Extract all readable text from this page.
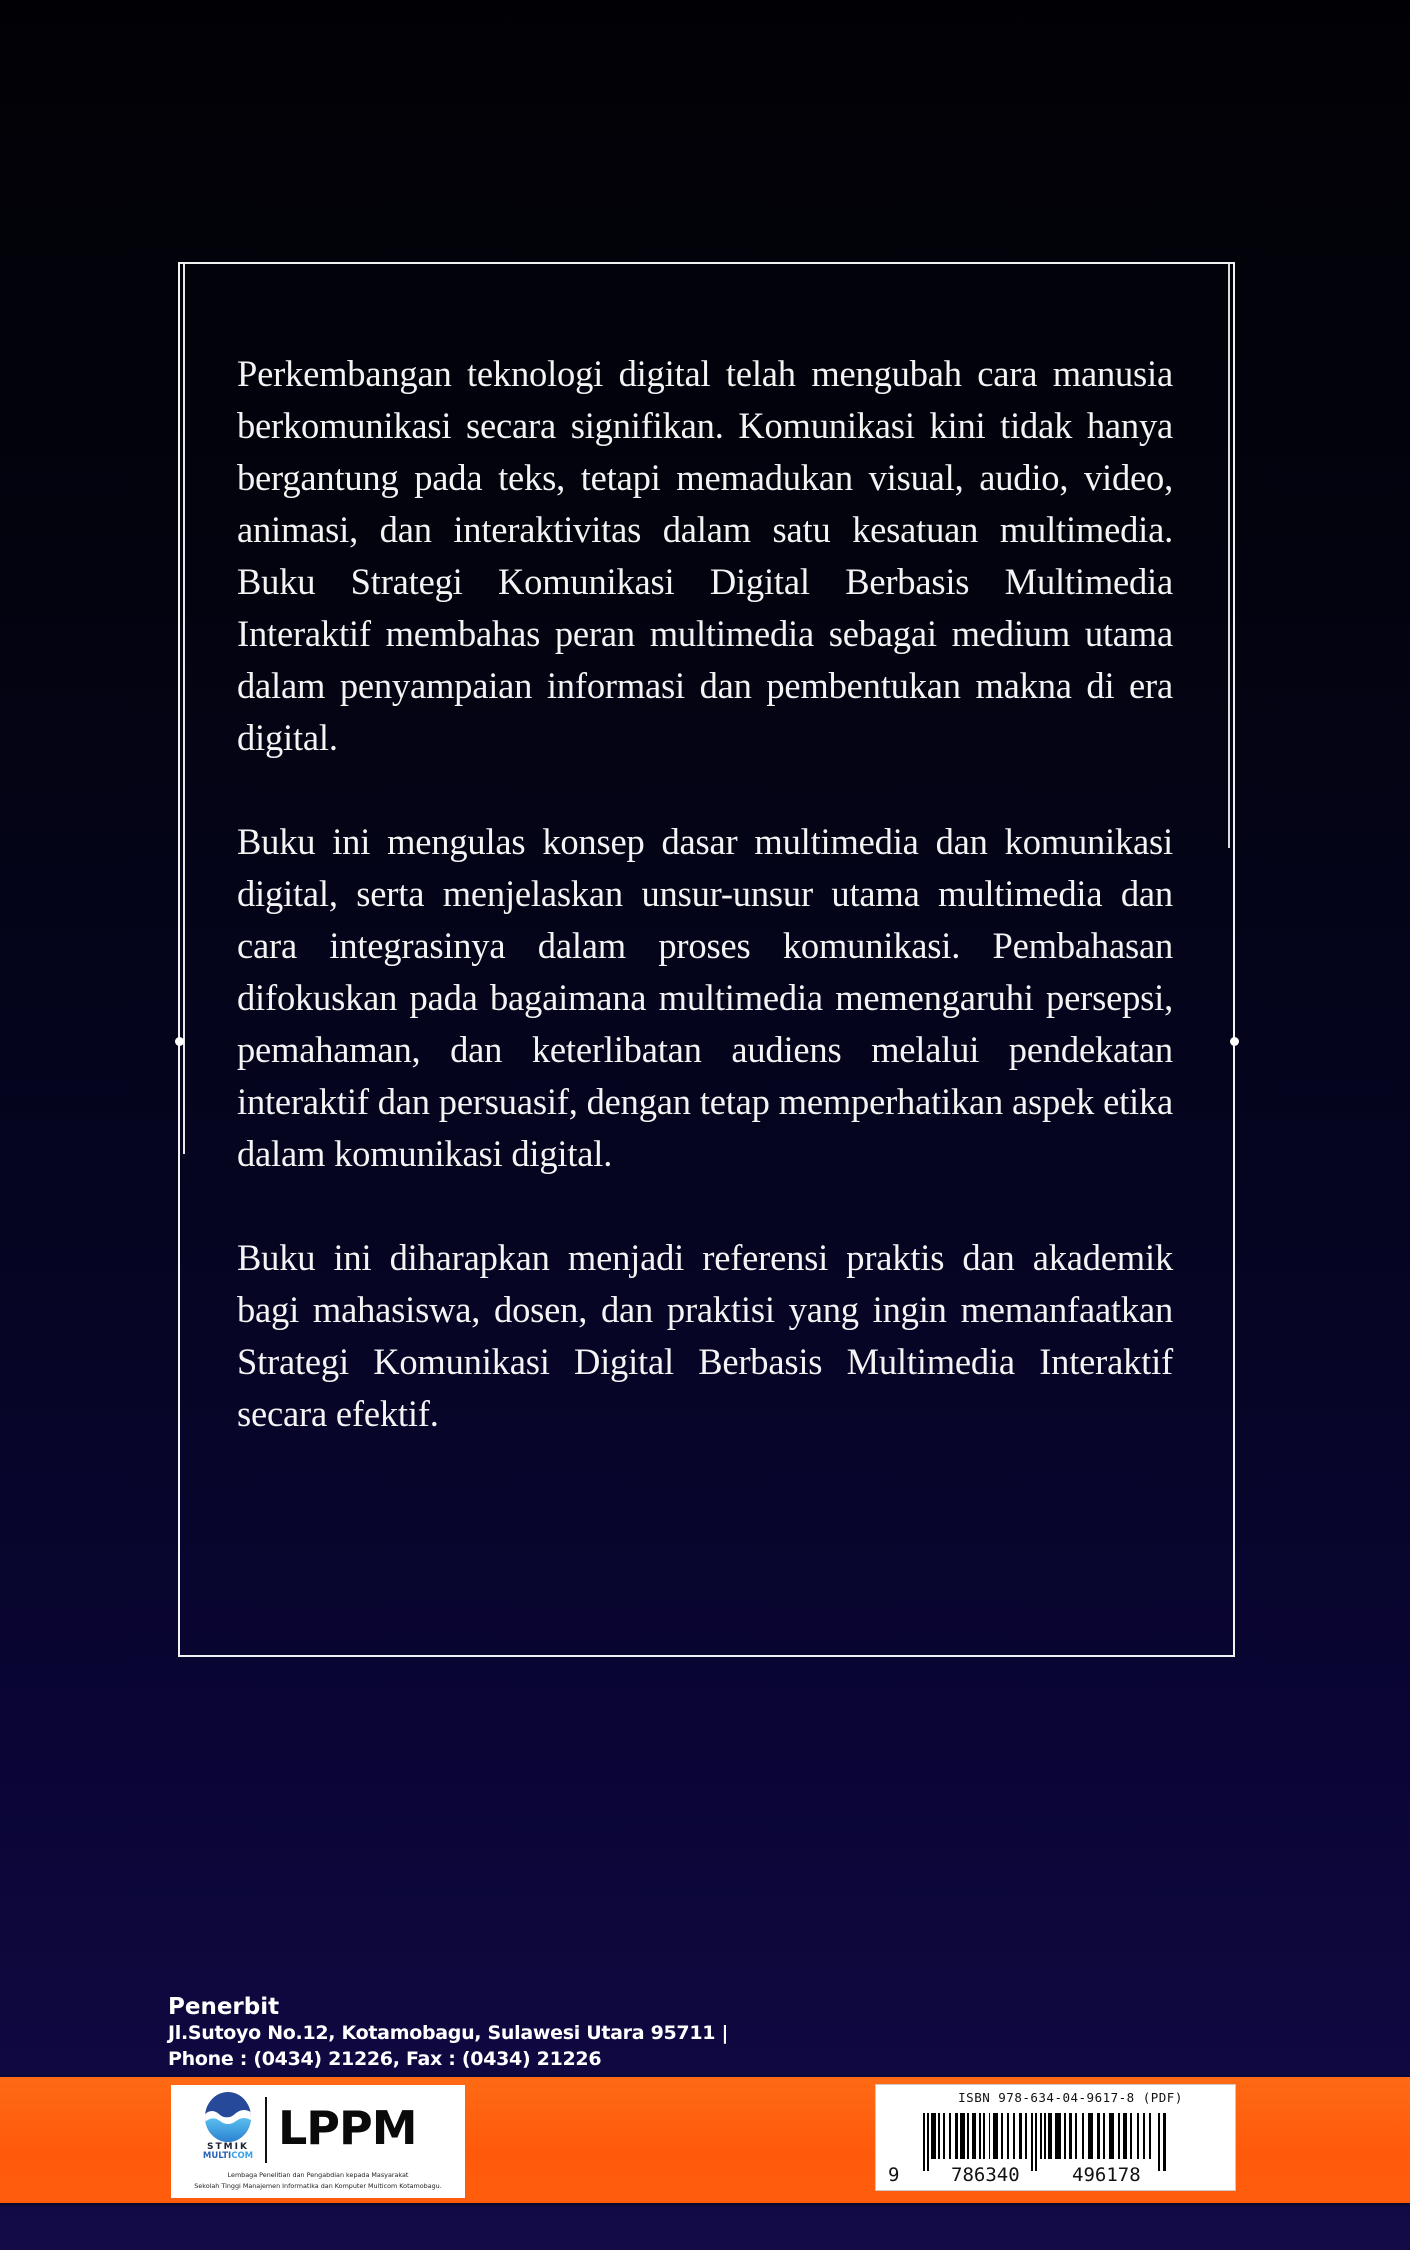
Perkembangan teknologi digital telah mengubah cara manusia berkomunikasi secara signifikan. Komunikasi kini tidak hanya bergantung pada teks, tetapi memadukan visual, audio, video, animasi, dan interaktivitas dalam satu kesatuan multimedia. Buku Strategi Komunikasi Digital Berbasis Multimedia Interaktif membahas peran multimedia sebagai medium utama dalam penyampaian informasi dan pembentukan makna di era digital.

Buku ini mengulas konsep dasar multimedia dan komunikasi digital, serta menjelaskan unsur-unsur utama multimedia dan cara integrasinya dalam proses komunikasi. Pembahasan difokuskan pada bagaimana multimedia memengaruhi persepsi, pemahaman, dan keterlibatan audiens melalui pendekatan interaktif dan persuasif, dengan tetap memperhatikan aspek etika dalam komunikasi digital.

Buku ini diharapkan menjadi referensi praktis dan akademik bagi mahasiswa, dosen, dan praktisi yang ingin memanfaatkan Strategi Komunikasi Digital Berbasis Multimedia Interaktif secara efektif.

Penerbit
Jl.Sutoyo No.12, Kotamobagu, Sulawesi Utara 95711 |
Phone : (0434) 21226, Fax : (0434) 21226
STMIK
MULTICOM
LPPM
Lembaga Penelitian dan Pengabdian kepada Masyarakat
Sekolah Tinggi Manajemen Informatika dan Komputer Multicom Kotamobagu.
ISBN 978-634-04-9617-8 (PDF)
9	786340	496178
